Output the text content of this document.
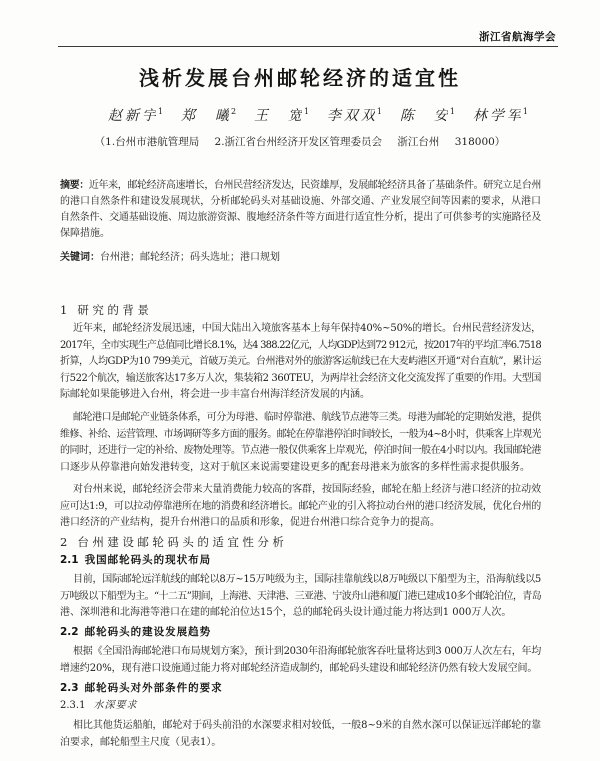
浙江省航海学会
浅析发展台州邮轮经济的适宜性
赵新宇 $^1$ 郑 曦 $^2$ 王 宽 $^1$ 李双双 $^1$ 陈 安 $^1$ 林学军 $^1$
（1.台州市港航管理局 2.浙江省台州经济开发区管理委员会 浙江台州 318000）
摘要：近年来，邮轮经济高速增长，台州民营经济发达，民资雄厚，发展邮轮经济具备了基础条件。研究立足台州
的港口自然条件和建设发展现状，分析邮轮码头对基础设施、外部交通、产业发展空间等因素的要求，从港口
自然条件、交通基础设施、周边旅游资源、腹地经济条件等方面进行适宜性分析，提出了可供参考的实施路径及
保障措施。
关键词：台州港；邮轮经济；码头选址；港口规划
1 研究的背景
近年来，邮轮经济发展迅速，中国大陆出入境旅客基本上每年保持40%~50%的增长。台州民营经济发达，
2017年，全市实现生产总值同比增长8.1%，达4 388.22亿元，人均GDP达到72 912元，按2017年的平均汇率6.7518
折算，人均GDP为10 799美元，首破万美元。台州港对外的旅游客运航线已在大麦屿港区开通“对台直航”，累计运
行522个航次，输送旅客达17多万人次，集装箱2 360TEU，为两岸社会经济文化交流发挥了重要的作用。大型国
际邮轮如果能够进入台州，将会进一步丰富台州海洋经济发展的内涵。
邮轮港口是邮轮产业链条体系，可分为母港、临时停靠港、航线节点港等三类。母港为邮轮的定期始发港，提供
维修、补给、运营管理、市场调研等多方面的服务。邮轮在停靠港停泊时间较长，一般为4~8小时，供乘客上岸观光
的同时，还进行一定的补给、废物处理等。节点港一般仅供乘客上岸观光，停泊时间一般在4小时以内。我国邮轮港
口逐步从停靠港向始发港转变，这对于航区来说需要建设更多的配套母港来为旅客的多样性需求提供服务。
对台州来说，邮轮经济会带来大量消费能力较高的客群，按国际经验，邮轮在船上经济与港口经济的拉动效
应可达1:9，可以拉动停靠港所在地的消费和经济增长。邮轮产业的引入将拉动台州的港口经济发展，优化台州的
港口经济的产业结构，提升台州港口的品质和形象，促进台州港口综合竞争力的提高。
2 台州建设邮轮码头的适宜性分析
2.1 我国邮轮码头的现状布局
目前，国际邮轮远洋航线的邮轮以8万~15万吨级为主，国际挂靠航线以8万吨级以下船型为主，沿海航线以5
万吨级以下船型为主。“十二五”期间，上海港、天津港、三亚港、宁波舟山港和厦门港已建成10多个邮轮泊位，青岛
港、深圳港和北海港等港口在建的邮轮泊位达15个，总的邮轮码头设计通过能力将达到1 000万人次。
2.2 邮轮码头的建设发展趋势
根据《全国沿海邮轮港口布局规划方案》，预计到2030年沿海邮轮旅客吞吐量将达到3 000万人次左右，年均
增速约20%，现有港口设施通过能力将对邮轮经济造成制约，邮轮码头建设和邮轮经济仍然有较大发展空间。
2.3 邮轮码头对外部条件的要求
2.3.1 水深要求
相比其他货运船舶，邮轮对于码头前沿的水深要求相对较低，一般8~9米的自然水深可以保证远洋邮轮的靠
泊要求，邮轮船型主尺度（见表1）。
